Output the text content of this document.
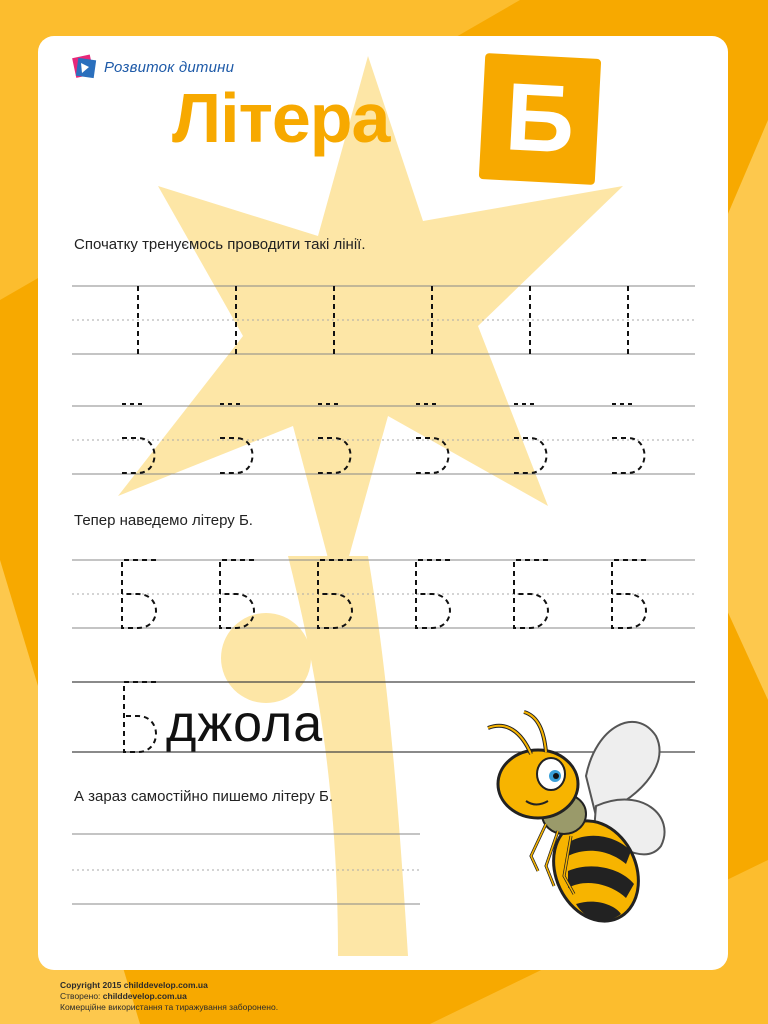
Розвиток дитини
Літера Б
Спочатку тренуємось проводити такі лінії.
Тепер наведемо літеру Б.
А зараз самостійно пишемо літеру Б.
джола
Copyright 2015 childdevelop.com.ua
Створено: childdevelop.com.ua
Комерційне використання та тиражування заборонено.
